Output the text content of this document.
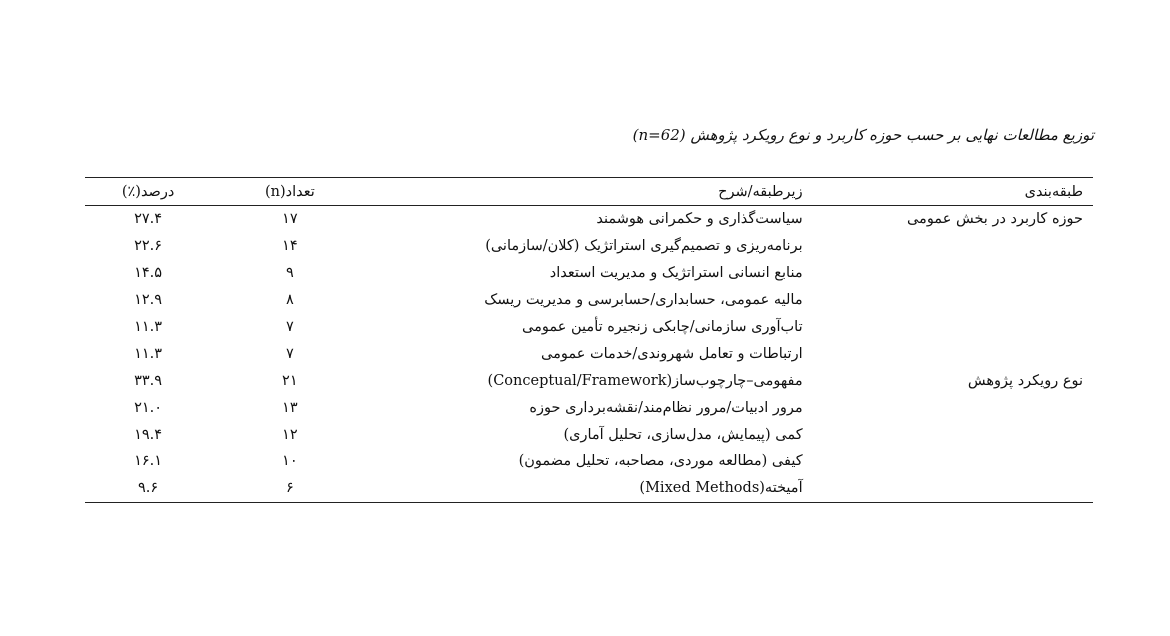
توزیع مطالعات نهایی بر حسب حوزه کاربرد و نوع رویکرد پژوهش (n=62)
طبقه‌بندی	زیرطبقه/شرح	تعداد(n)	درصد(٪)
حوزه کاربرد در بخش عمومی	سیاست‌گذاری و حکمرانی هوشمند	۱۷	۲۷.۴
	برنامه‌ریزی و تصمیم‌گیری استراتژیک (کلان/سازمانی)	۱۴	۲۲.۶
	منابع انسانی استراتژیک و مدیریت استعداد	۹	۱۴.۵
	مالیه عمومی، حسابداری/حسابرسی و مدیریت ریسک	۸	۱۲.۹
	تاب‌آوری سازمانی/چابکی زنجیره تأمین عمومی	۷	۱۱.۳
	ارتباطات و تعامل شهروندی/خدمات عمومی	۷	۱۱.۳
نوع رویکرد پژوهش	مفهومی–چارچوب‌ساز(Conceptual/Framework)	۲۱	۳۳.۹
	مرور ادبیات/مرور نظام‌مند/نقشه‌برداری حوزه	۱۳	۲۱.۰
	کمی (پیمایش، مدل‌سازی، تحلیل آماری)	۱۲	۱۹.۴
	کیفی (مطالعه موردی، مصاحبه، تحلیل مضمون)	۱۰	۱۶.۱
	آمیخته(Mixed Methods)	۶	۹.۶
